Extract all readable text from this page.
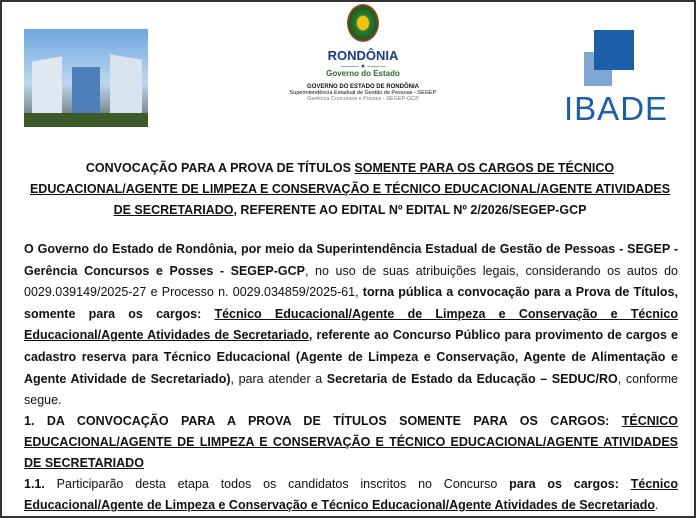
RONDÔNIA
——— ★ ———
Governo do Estado
GOVERNO DO ESTADO DE RONDÔNIA
Superintendência Estadual de Gestão de Pessoas - SEGEP
Gerência Concursos e Posses - SEGEP-GCP	IBADE
CONVOCAÇÃO PARA A PROVA DE TÍTULOS SOMENTE PARA OS CARGOS DE TÉCNICO EDUCACIONAL/AGENTE DE LIMPEZA E CONSERVAÇÃO E TÉCNICO EDUCACIONAL/AGENTE ATIVIDADES DE SECRETARIADO, REFERENTE AO EDITAL Nº EDITAL Nº 2/2026/SEGEP-GCP
O Governo do Estado de Rondônia, por meio da Superintendência Estadual de Gestão de Pessoas - SEGEP - Gerência Concursos e Posses - SEGEP-GCP, no uso de suas atribuições legais, considerando os autos do 0029.039149/2025-27 e Processo n. 0029.034859/2025-61, torna pública a convocação para a Prova de Títulos, somente para os cargos: Técnico Educacional/Agente de Limpeza e Conservação e Técnico Educacional/Agente Atividades de Secretariado, referente ao Concurso Público para provimento de cargos e cadastro reserva para Técnico Educacional (Agente de Limpeza e Conservação, Agente de Alimentação e Agente Atividade de Secretariado), para atender a Secretaria de Estado da Educação – SEDUC/RO, conforme segue.
1. DA CONVOCAÇÃO PARA A PROVA DE TÍTULOS SOMENTE PARA OS CARGOS: TÉCNICO EDUCACIONAL/AGENTE DE LIMPEZA E CONSERVAÇÃO E TÉCNICO EDUCACIONAL/AGENTE ATIVIDADES DE SECRETARIADO
1.1. Participarão desta etapa todos os candidatos inscritos no Concurso para os cargos: Técnico Educacional/Agente de Limpeza e Conservação e Técnico Educacional/Agente Atividades de Secretariado.
